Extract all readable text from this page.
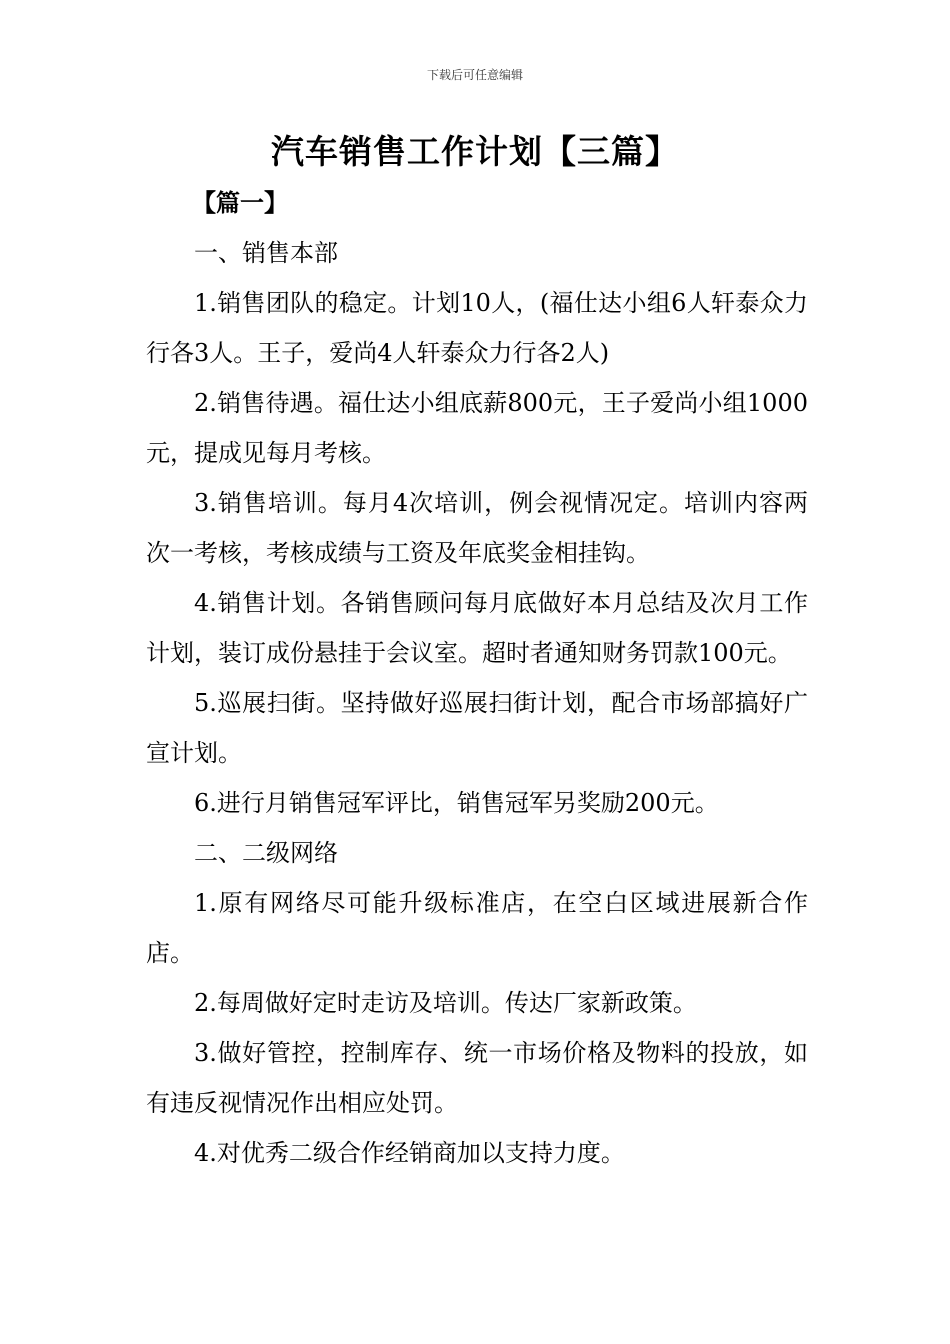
下载后可任意编辑
汽车销售工作计划【三篇】

【篇一】

一、销售本部

1.销售团队的稳定。计划10人，(福仕达小组6人轩泰众力行各3人。王子，爱尚4人轩泰众力行各2人)

2.销售待遇。福仕达小组底薪800元，王子爱尚小组1000元，提成见每月考核。

3.销售培训。每月4次培训，例会视情况定。培训内容两次一考核，考核成绩与工资及年底奖金相挂钩。

4.销售计划。各销售顾问每月底做好本月总结及次月工作计划，装订成份悬挂于会议室。超时者通知财务罚款100元。

5.巡展扫街。坚持做好巡展扫街计划，配合市场部搞好广宣计划。

6.进行月销售冠军评比，销售冠军另奖励200元。

二、二级网络

1.原有网络尽可能升级标准店，在空白区域进展新合作店。

2.每周做好定时走访及培训。传达厂家新政策。

3.做好管控，控制库存、统一市场价格及物料的投放，如有违反视情况作出相应处罚。

4.对优秀二级合作经销商加以支持力度。
